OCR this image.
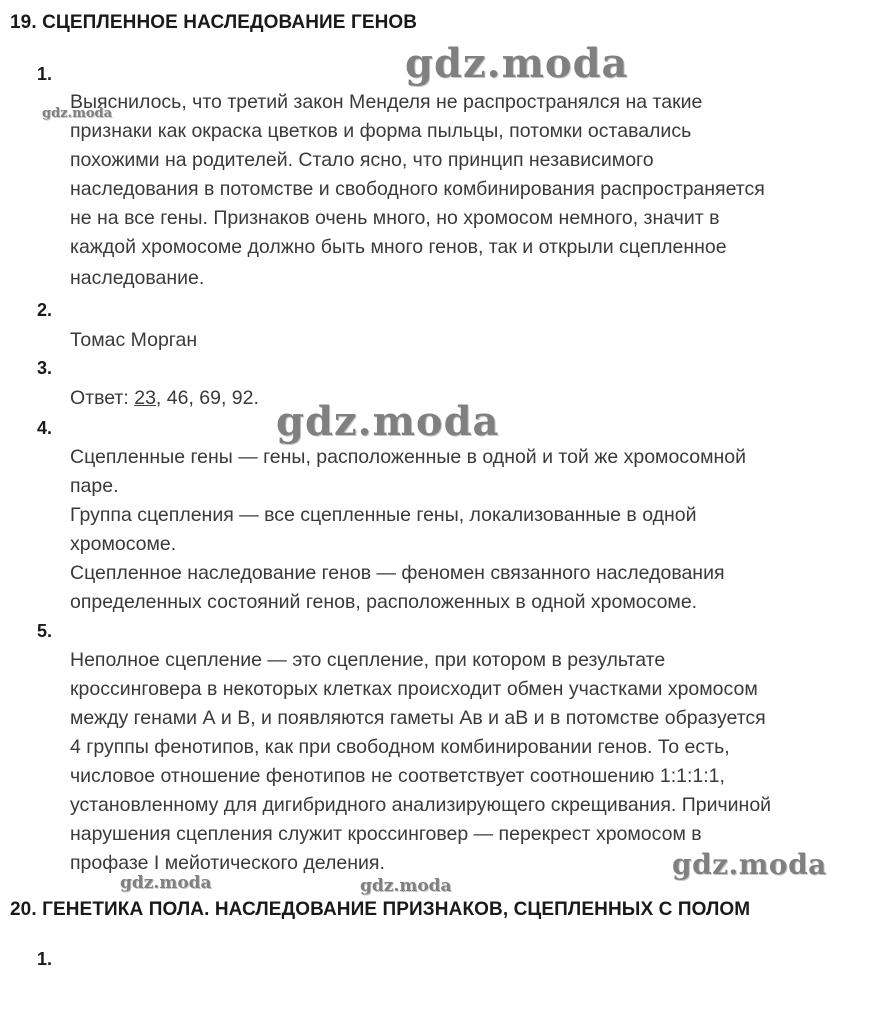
19. СЦЕПЛЕННОЕ НАСЛЕДОВАНИЕ ГЕНОВ
1.
Выяснилось, что третий закон Менделя не распространялся на такие
признаки как окраска цветков и форма пыльцы, потомки оставались
похожими на родителей. Стало ясно, что принцип независимого
наследования в потомстве и свободного комбинирования распространяется
не на все гены. Признаков очень много, но хромосом немного, значит в
каждой хромосоме должно быть много генов, так и открыли сцепленное
наследование.
2.
Томас Морган
3.
Ответ: 23, 46, 69, 92.
4.
Сцепленные гены — гены, расположенные в одной и той же хромосомной
паре.
Группа сцепления — все сцепленные гены, локализованные в одной
хромосоме.
Сцепленное наследование генов — феномен связанного наследования
определенных состояний генов, расположенных в одной хромосоме.
5.
Неполное сцепление — это сцепление, при котором в результате
кроссинговера в некоторых клетках происходит обмен участками хромосом
между генами А и В, и появляются гаметы Ав и аВ и в потомстве образуется
4 группы фенотипов, как при свободном комбинировании генов. То есть,
числовое отношение фенотипов не соответствует соотношению 1:1:1:1,
установленному для дигибридного анализирующего скрещивания. Причиной
нарушения сцепления служит кроссинговер — перекрест хромосом в
профазе I мейотического деления.
20. ГЕНЕТИКА ПОЛА. НАСЛЕДОВАНИЕ ПРИЗНАКОВ, СЦЕПЛЕННЫХ С ПОЛОМ
1.
gdz.moda
gdz.moda
gdz.moda
gdz.moda
gdz.moda	gdz.moda
